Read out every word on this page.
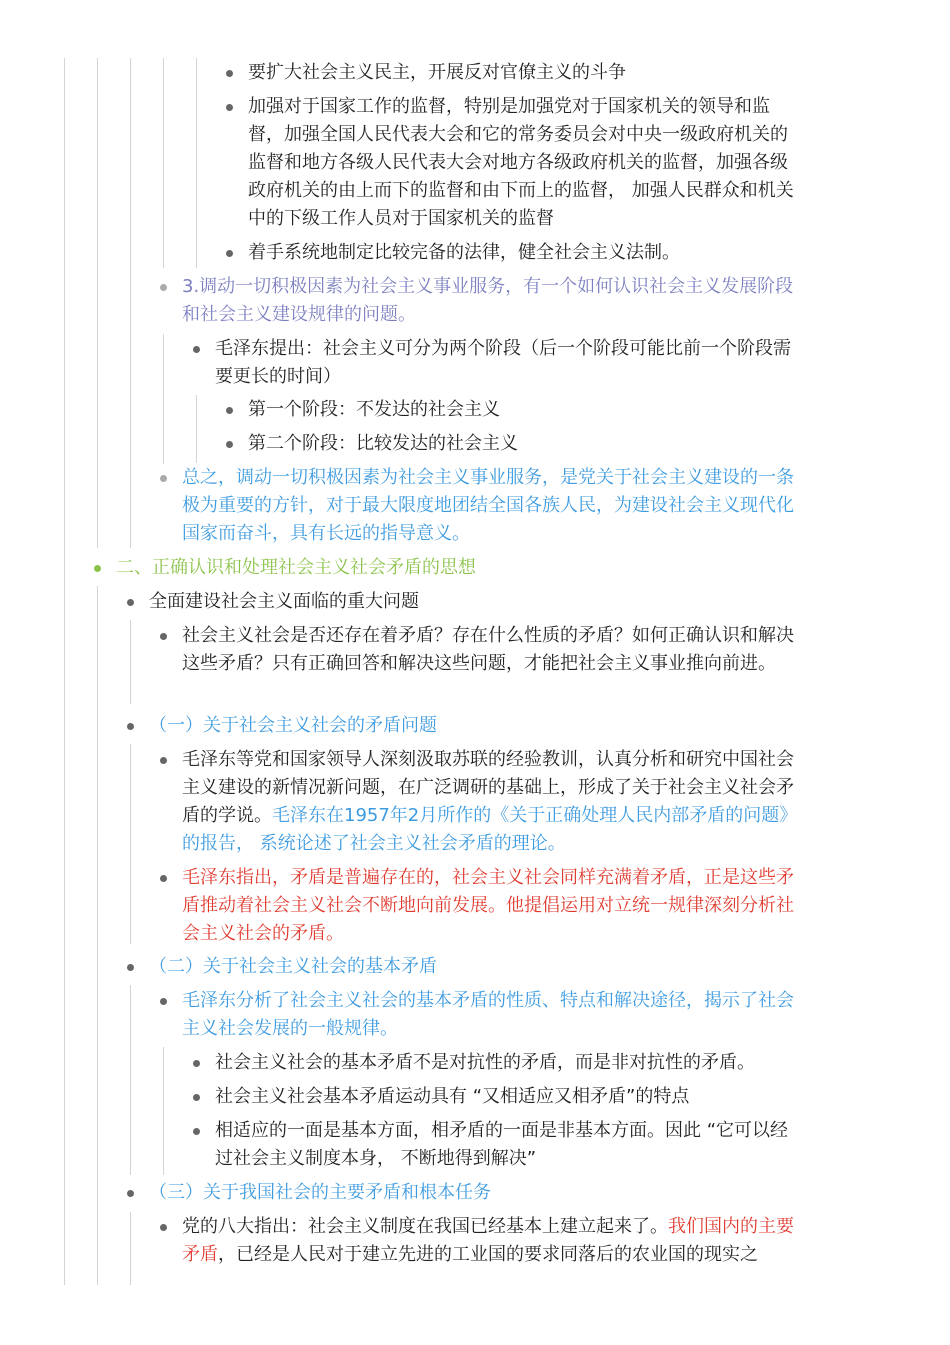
要扩大社会主义民主，开展反对官僚主义的斗争
加强对于国家工作的监督，特别是加强党对于国家机关的领导和监督，加强全国人民代表大会和它的常务委员会对中央一级政府机关的监督和地方各级人民代表大会对地方各级政府机关的监督，加强各级政府机关的由上而下的监督和由下而上的监督， 加强人民群众和机关中的下级工作人员对于国家机关的监督
着手系统地制定比较完备的法律，健全社会主义法制。
3.调动一切积极因素为社会主义事业服务，有一个如何认识社会主义发展阶段和社会主义建设规律的问题。
毛泽东提出：社会主义可分为两个阶段（后一个阶段可能比前一个阶段需要更长的时间）
第一个阶段：不发达的社会主义
第二个阶段：比较发达的社会主义
总之，调动一切积极因素为社会主义事业服务，是党关于社会主义建设的一条极为重要的方针，对于最大限度地团结全国各族人民，为建设社会主义现代化国家而奋斗，具有长远的指导意义。
二、正确认识和处理社会主义社会矛盾的思想
全面建设社会主义面临的重大问题
社会主义社会是否还存在着矛盾？存在什么性质的矛盾？如何正确认识和解决这些矛盾？只有正确回答和解决这些问题，才能把社会主义事业推向前进。
（一）关于社会主义社会的矛盾问题
毛泽东等党和国家领导人深刻汲取苏联的经验教训，认真分析和研究中国社会主义建设的新情况新问题，在广泛调研的基础上，形成了关于社会主义社会矛盾的学说。毛泽东在1957年2月所作的《关于正确处理人民内部矛盾的问题》的报告， 系统论述了社会主义社会矛盾的理论。
毛泽东指出，矛盾是普遍存在的，社会主义社会同样充满着矛盾，正是这些矛盾推动着社会主义社会不断地向前发展。他提倡运用对立统一规律深刻分析社会主义社会的矛盾。
（二）关于社会主义社会的基本矛盾
毛泽东分析了社会主义社会的基本矛盾的性质、特点和解决途径，揭示了社会主义社会发展的一般规律。
社会主义社会的基本矛盾不是对抗性的矛盾，而是非对抗性的矛盾。
社会主义社会基本矛盾运动具有 “又相适应又相矛盾”的特点
相适应的一面是基本方面，相矛盾的一面是非基本方面。因此 “它可以经过社会主义制度本身， 不断地得到解决”
（三）关于我国社会的主要矛盾和根本任务
党的八大指出：社会主义制度在我国已经基本上建立起来了。我们国内的主要矛盾，已经是人民对于建立先进的工业国的要求同落后的农业国的现实之
